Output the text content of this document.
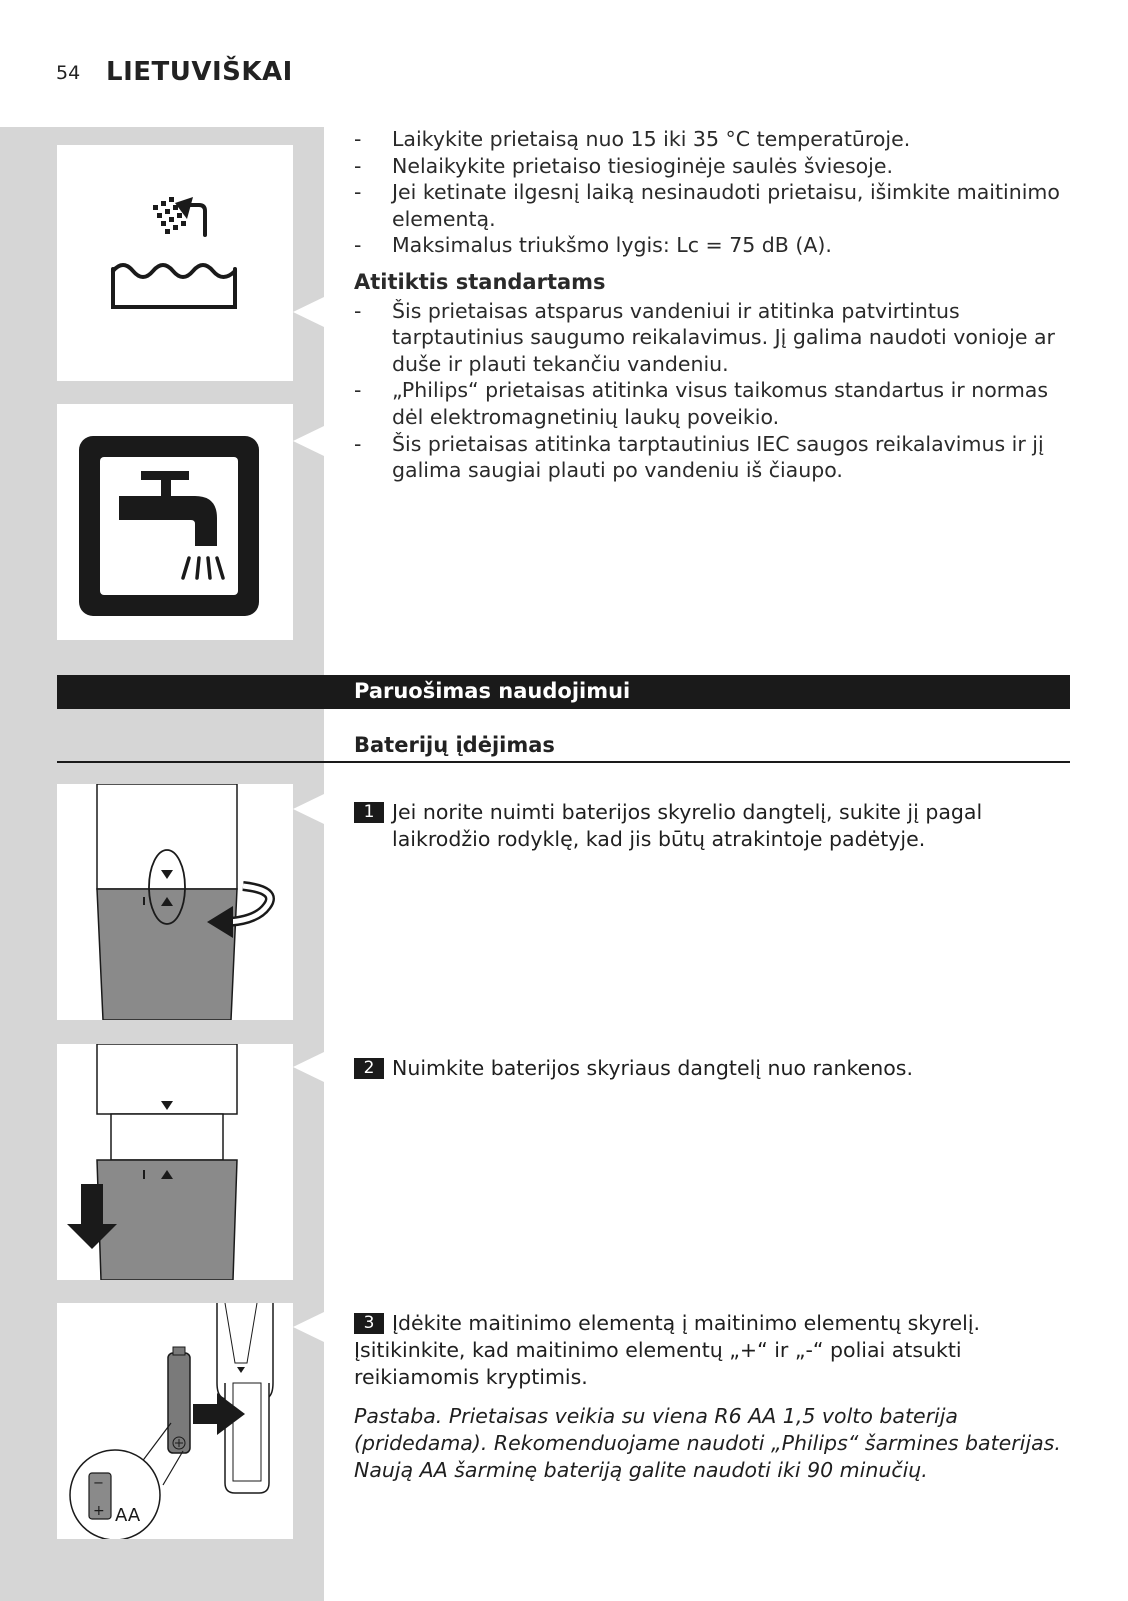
54 LIETUVIŠKAI
- Laikykite prietaisą nuo 15 iki 35 °C temperatūroje.
- Nelaikykite prietaiso tiesioginėje saulės šviesoje.
- Jei ketinate ilgesnį laiką nesinaudoti prietaisu, išimkite maitinimo elementą.
- Maksimalus triukšmo lygis: Lc = 75 dB (A).
Atitiktis standartams
- Šis prietaisas atsparus vandeniui ir atitinka patvirtintus tarptautinius saugumo reikalavimus. Jį galima naudoti vonioje ar duše ir plauti tekančiu vandeniu.
- „Philips“ prietaisas atitinka visus taikomus standartus ir normas dėl elektromagnetinių laukų poveikio.
- Šis prietaisas atitinka tarptautinius IEC saugos reikalavimus ir jį galima saugiai plauti po vandeniu iš čiaupo.
Paruošimas naudojimui
Baterijų įdėjimas
−
+ AA
1 Jei norite nuimti baterijos skyrelio dangtelį, sukite jį pagal laikrodžio rodyklę, kad jis būtų atrakintoje padėtyje.
2 Nuimkite baterijos skyriaus dangtelį nuo rankenos.
3 Įdėkite maitinimo elementą į maitinimo elementų skyrelį.
Įsitikinkite, kad maitinimo elementų „+“ ir „-“ poliai atsukti reikiamomis kryptimis.
Pastaba. Prietaisas veikia su viena R6 AA 1,5 volto baterija (pridedama). Rekomenduojame naudoti „Philips“ šarmines baterijas. Naują AA šarminę bateriją galite naudoti iki 90 minučių.
